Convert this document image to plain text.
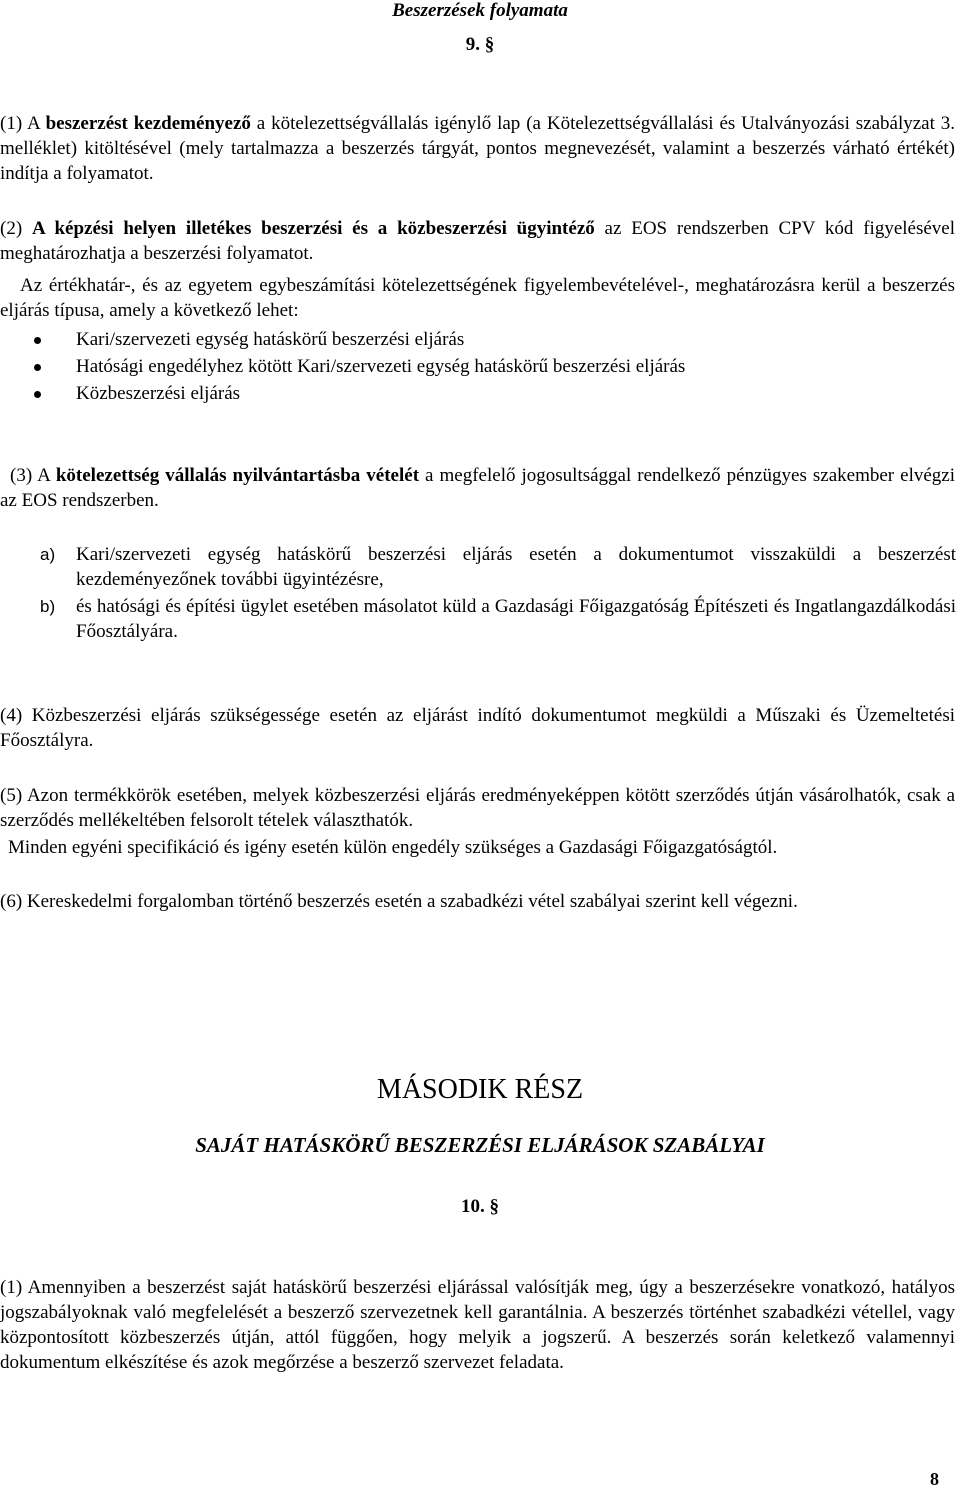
Beszerzések folyamata
9. §

(1) A beszerzést kezdeményező a kötelezettségvállalás igénylő lap (a Kötelezettségvállalási és Utalványozási szabályzat 3. melléklet) kitöltésével (mely tartalmazza a beszerzés tárgyát, pontos megnevezését, valamint a beszerzés várható értékét) indítja a folyamatot.

(2) A képzési helyen illetékes beszerzési és a közbeszerzési ügyintéző az EOS rendszerben CPV kód figyelésével meghatározhatja a beszerzési folyamatot.

Az értékhatár-, és az egyetem egybeszámítási kötelezettségének figyelembevételével-, meghatározásra kerül a beszerzés eljárás típusa, amely a következő lehet:

Kari/szervezeti egység hatáskörű beszerzési eljárás
Hatósági engedélyhez kötött Kari/szervezeti egység hatáskörű beszerzési eljárás
Közbeszerzési eljárás

(3) A kötelezettség vállalás nyilvántartásba vételét a megfelelő jogosultsággal rendelkező pénzügyes szakember elvégzi az EOS rendszerben.

a) Kari/szervezeti egység hatáskörű beszerzési eljárás esetén a dokumentumot visszaküldi a beszerzést kezdeményezőnek további ügyintézésre,
b) és hatósági és építési ügylet esetében másolatot küld a Gazdasági Főigazgatóság Építészeti és Ingatlangazdálkodási Főosztályára.

(4) Közbeszerzési eljárás szükségessége esetén az eljárást indító dokumentumot megküldi a Műszaki és Üzemeltetési Főosztályra.

(5) Azon termékkörök esetében, melyek közbeszerzési eljárás eredményeképpen kötött szerződés útján vásárolhatók, csak a szerződés mellékeltében felsorolt tételek választhatók.

Minden egyéni specifikáció és igény esetén külön engedély szükséges a Gazdasági Főigazgatóságtól.

(6) Kereskedelmi forgalomban történő beszerzés esetén a szabadkézi vétel szabályai szerint kell végezni.

MÁSODIK RÉSZ
SAJÁT HATÁSKÖRŰ BESZERZÉSI ELJÁRÁSOK SZABÁLYAI
10. §

(1) Amennyiben a beszerzést saját hatáskörű beszerzési eljárással valósítják meg, úgy a beszerzésekre vonatkozó, hatályos jogszabályoknak való megfelelését a beszerző szervezetnek kell garantálnia. A beszerzés történhet szabadkézi vétellel, vagy központosított közbeszerzés útján, attól függően, hogy melyik a jogszerű. A beszerzés során keletkező valamennyi dokumentum elkészítése és azok megőrzése a beszerző szervezet feladata.

8
